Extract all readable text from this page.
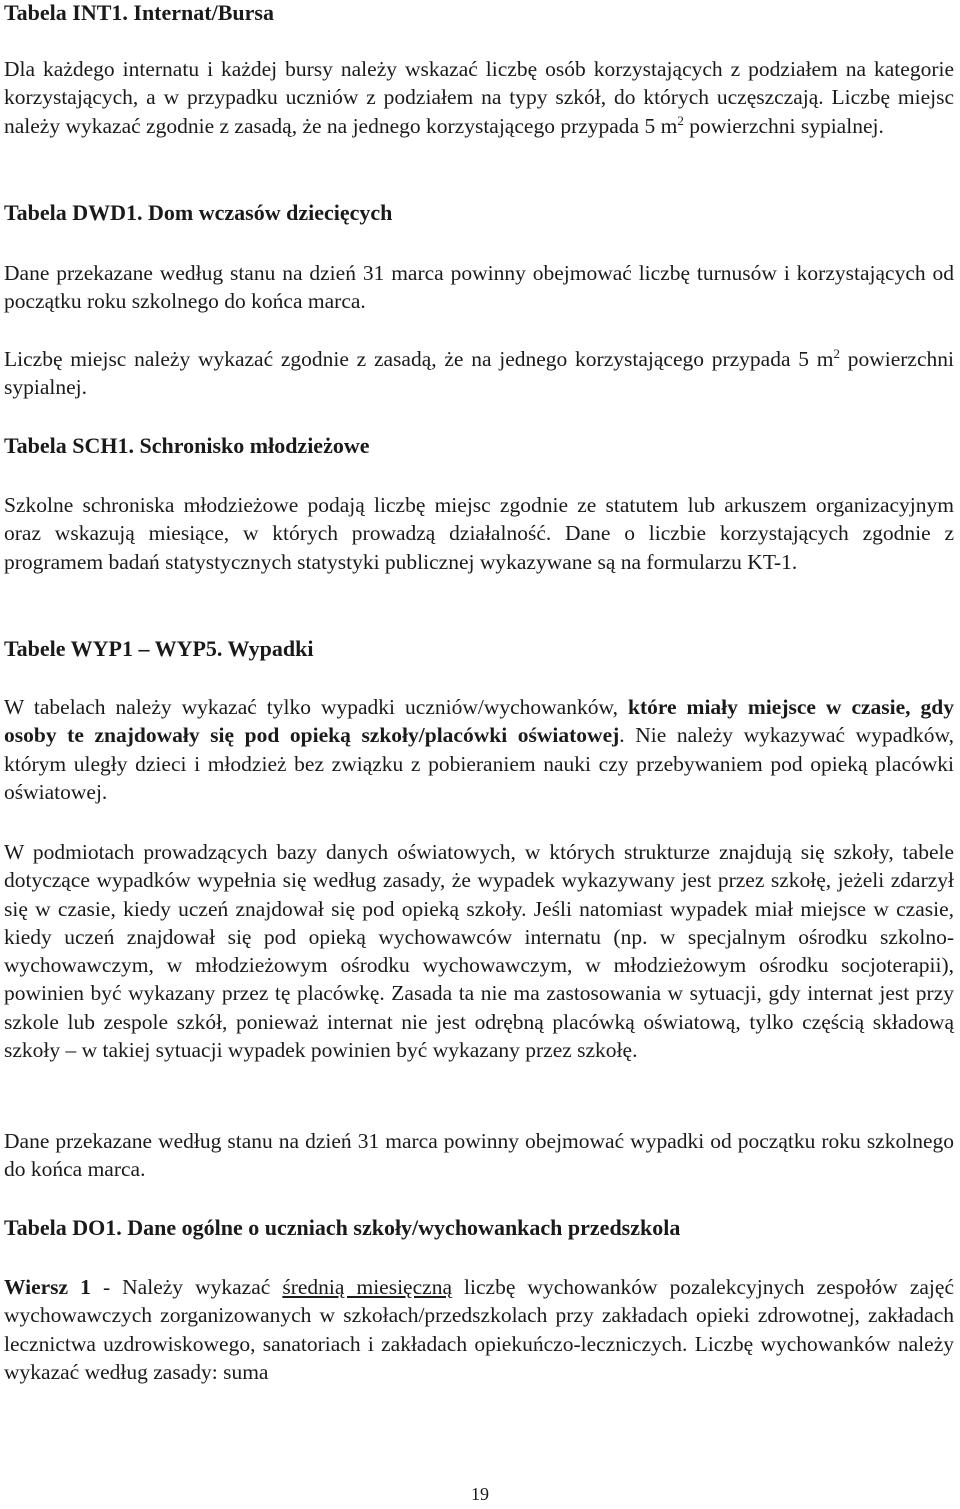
Tabela INT1. Internat/Bursa

Dla każdego internatu i każdej bursy należy wskazać liczbę osób korzystających z podziałem na kategorie korzystających, a w przypadku uczniów z podziałem na typy szkół, do których uczęszczają. Liczbę miejsc należy wykazać zgodnie z zasadą, że na jednego korzystającego przypada 5 $m^2$ powierzchni sypialnej.

Tabela DWD1. Dom wczasów dziecięcych

Dane przekazane według stanu na dzień 31 marca powinny obejmować liczbę turnusów i korzystających od początku roku szkolnego do końca marca.

Liczbę miejsc należy wykazać zgodnie z zasadą, że na jednego korzystającego przypada 5 $m^2$ powierzchni sypialnej.

Tabela SCH1. Schronisko młodzieżowe

Szkolne schroniska młodzieżowe podają liczbę miejsc zgodnie ze statutem lub arkuszem organizacyjnym oraz wskazują miesiące, w których prowadzą działalność. Dane o liczbie korzystających zgodnie z programem badań statystycznych statystyki publicznej wykazywane są na formularzu KT-1.

Tabele WYP1 – WYP5. Wypadki

W tabelach należy wykazać tylko wypadki uczniów/wychowanków, które miały miejsce w czasie, gdy osoby te znajdowały się pod opieką szkoły/placówki oświatowej. Nie należy wykazywać wypadków, którym uległy dzieci i młodzież bez związku z pobieraniem nauki czy przebywaniem pod opieką placówki oświatowej.

W podmiotach prowadzących bazy danych oświatowych, w których strukturze znajdują się szkoły, tabele dotyczące wypadków wypełnia się według zasady, że wypadek wykazywany jest przez szkołę, jeżeli zdarzył się w czasie, kiedy uczeń znajdował się pod opieką szkoły. Jeśli natomiast wypadek miał miejsce w czasie, kiedy uczeń znajdował się pod opieką wychowawców internatu (np. w specjalnym ośrodku szkolno-wychowawczym, w młodzieżowym ośrodku wychowawczym, w młodzieżowym ośrodku socjoterapii), powinien być wykazany przez tę placówkę. Zasada ta nie ma zastosowania w sytuacji, gdy internat jest przy szkole lub zespole szkół, ponieważ internat nie jest odrębną placówką oświatową, tylko częścią składową szkoły – w takiej sytuacji wypadek powinien być wykazany przez szkołę.

Dane przekazane według stanu na dzień 31 marca powinny obejmować wypadki od początku roku szkolnego do końca marca.

Tabela DO1. Dane ogólne o uczniach szkoły/wychowankach przedszkola

Wiersz 1 - Należy wykazać średnią miesięczną liczbę wychowanków pozalekcyjnych zespołów zajęć wychowawczych zorganizowanych w szkołach/przedszkolach przy zakładach opieki zdrowotnej, zakładach lecznictwa uzdrowiskowego, sanatoriach i zakładach opiekuńczo-leczniczych. Liczbę wychowanków należy wykazać według zasady: suma

19
